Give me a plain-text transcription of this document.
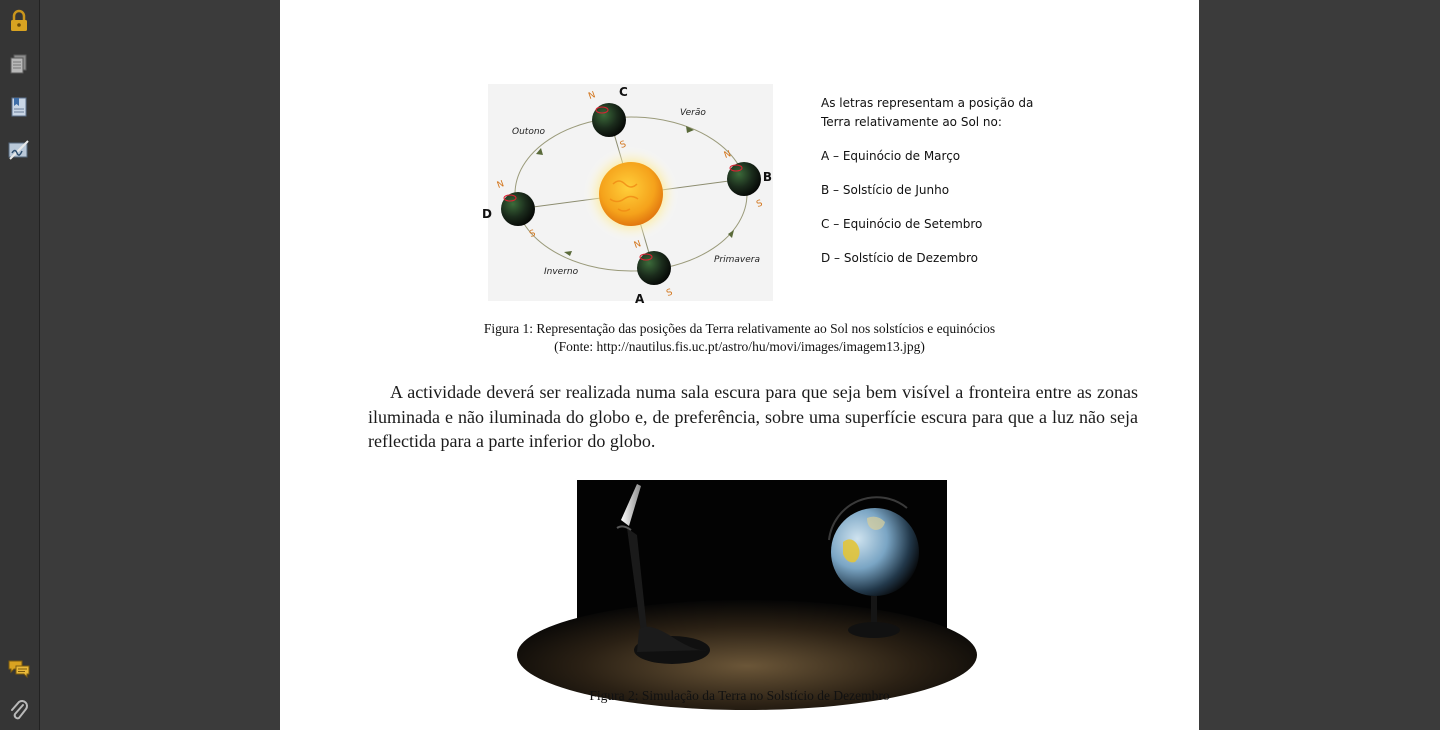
C
B
D
A
Verão
Outono
Inverno
Primavera
N
S
N
S
N
S
N
S
As letras representam a posição da
Terra relativamente ao Sol no:
A – Equinócio de Março
B – Solstício de Junho
C – Equinócio de Setembro
D – Solstício de Dezembro
Figura 1: Representação das posições da Terra relativamente ao Sol nos solstícios e equinócios
(Fonte: http://nautilus.fis.uc.pt/astro/hu/movi/images/imagem13.jpg)
A actividade deverá ser realizada numa sala escura para que seja bem visível a fronteira entre as zonas iluminada e não iluminada do globo e, de preferência, sobre uma superfície escura para que a luz não seja reflectida para a parte inferior do globo.
Figura 2: Simulação da Terra no Solstício de Dezembro
